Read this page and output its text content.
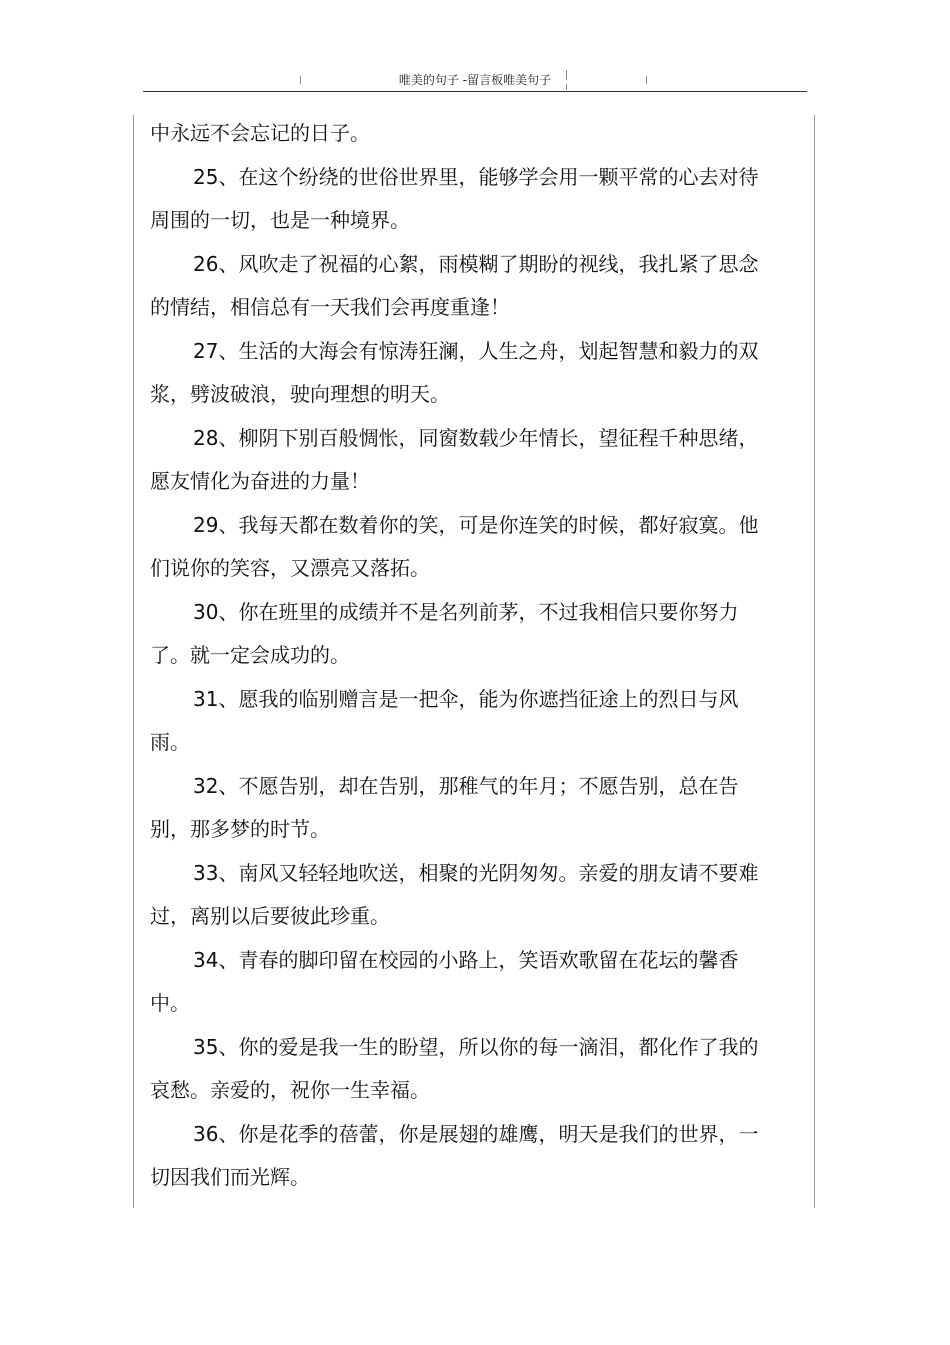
唯美的句子 -留言板唯美句子

中永远不会忘记的日子。

25、在这个纷绕的世俗世界里，能够学会用一颗平常的心去对待周围的一切，也是一种境界。

26、风吹走了祝福的心絮，雨模糊了期盼的视线，我扎紧了思念的情结，相信总有一天我们会再度重逢！

27、生活的大海会有惊涛狂澜，人生之舟，划起智慧和毅力的双浆，劈波破浪，驶向理想的明天。

28、柳阴下别百般惆怅，同窗数载少年情长，望征程千种思绪，愿友情化为奋进的力量！

29、我每天都在数着你的笑，可是你连笑的时候，都好寂寞。他们说你的笑容，又漂亮又落拓。

30、你在班里的成绩并不是名列前茅，不过我相信只要你努力了。就一定会成功的。

31、愿我的临别赠言是一把伞，能为你遮挡征途上的烈日与风雨。

32、不愿告别，却在告别，那稚气的年月；不愿告别，总在告别，那多梦的时节。

33、南风又轻轻地吹送，相聚的光阴匆匆。亲爱的朋友请不要难过，离别以后要彼此珍重。

34、青春的脚印留在校园的小路上，笑语欢歌留在花坛的馨香中。

35、你的爱是我一生的盼望，所以你的每一滴泪，都化作了我的哀愁。亲爱的，祝你一生幸福。

36、你是花季的蓓蕾，你是展翅的雄鹰，明天是我们的世界，一切因我们而光辉。
